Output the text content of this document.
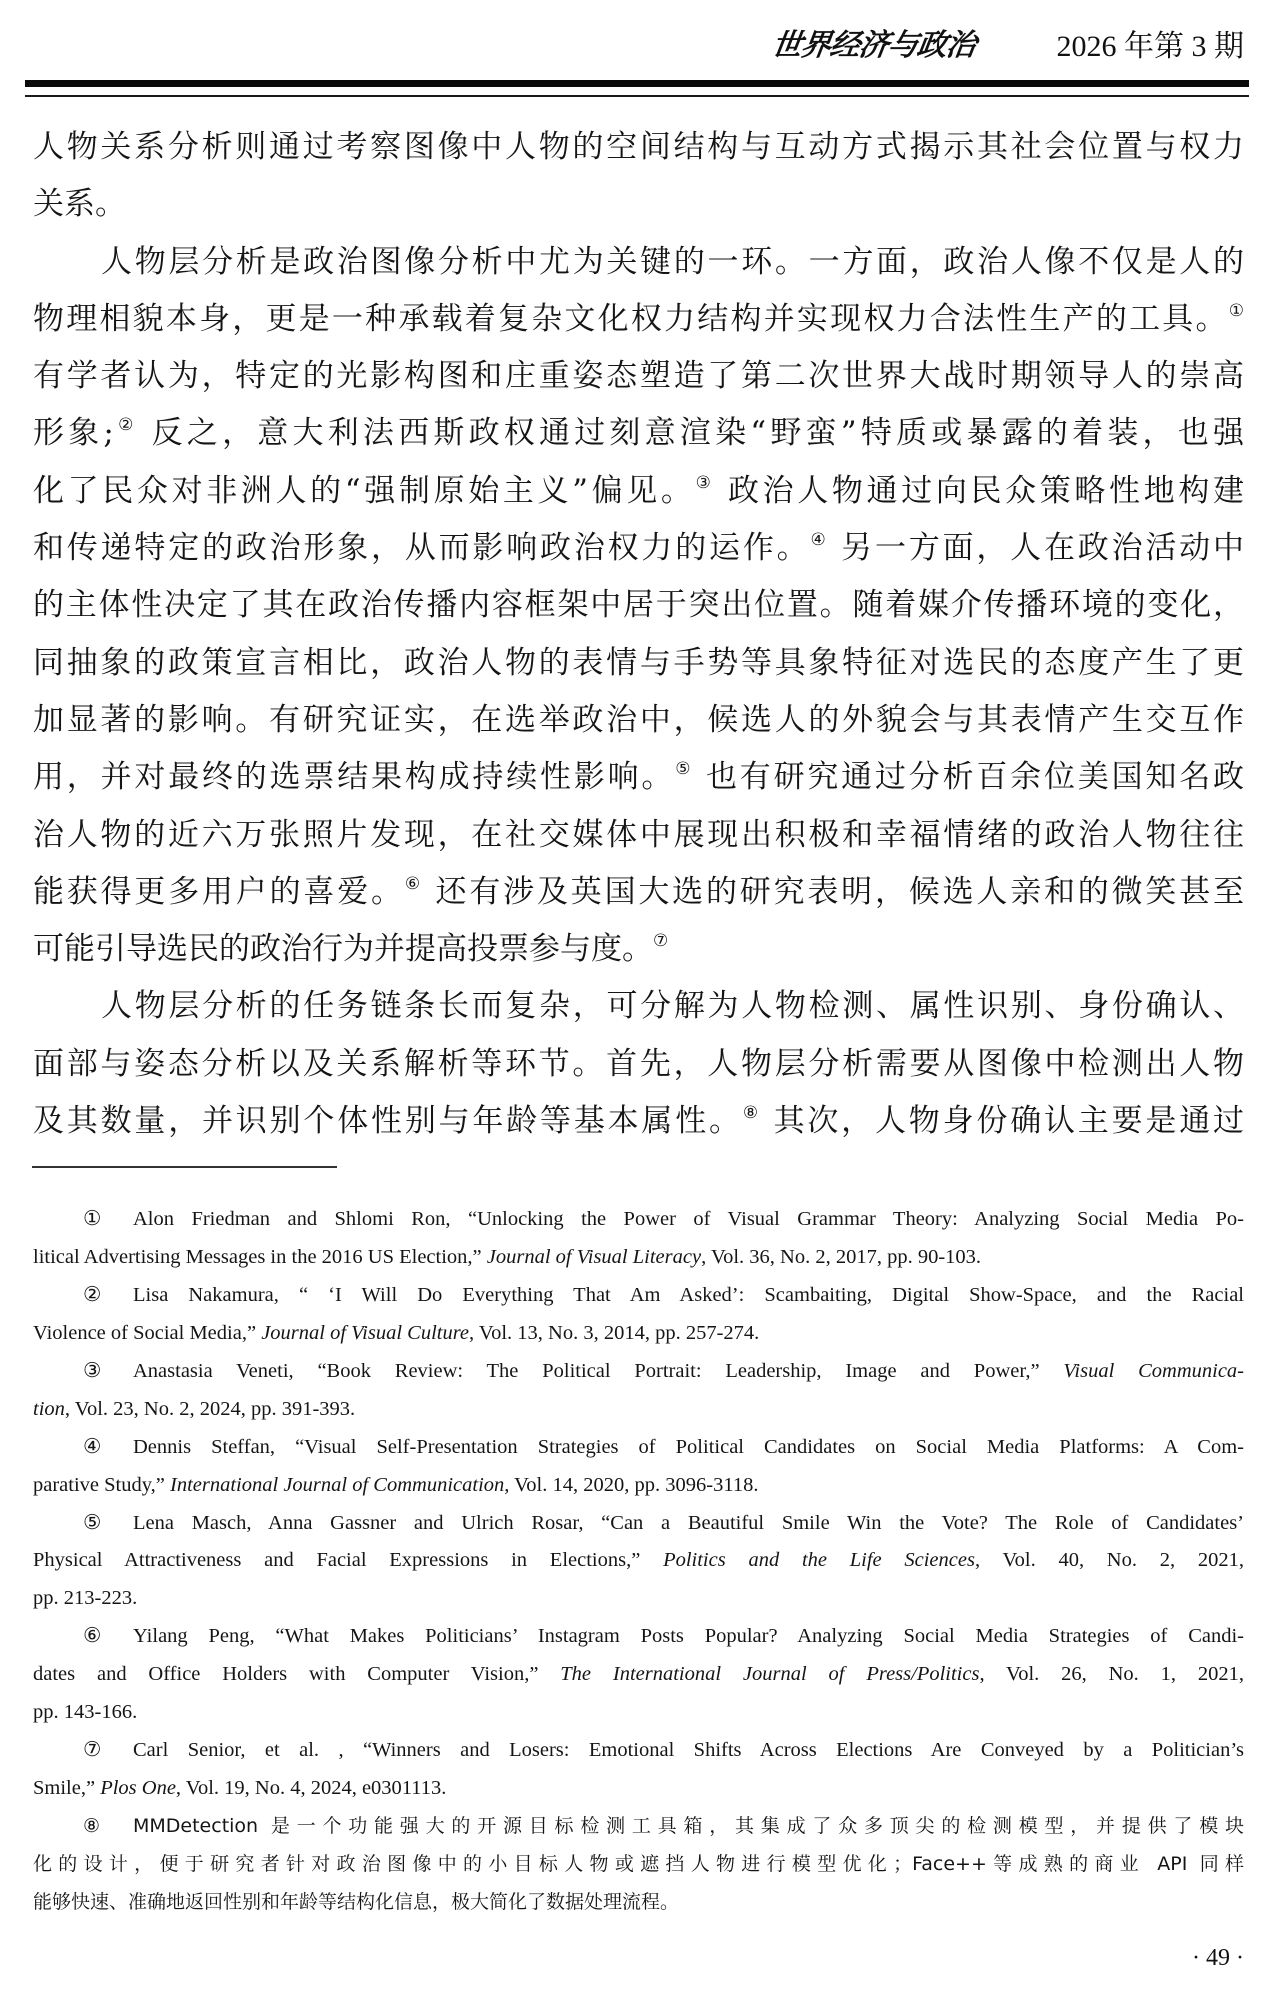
世界经济与政治	2026 年第 3 期
人物关系分析则通过考察图像中人物的空间结构与互动方式揭示其社会位置与权力
关系。
人物层分析是政治图像分析中尤为关键的一环。一方面，政治人像不仅是人的
物理相貌本身，更是一种承载着复杂文化权力结构并实现权力合法性生产的工具。①
有学者认为，特定的光影构图和庄重姿态塑造了第二次世界大战时期领导人的崇高
形象;② 反之，意大利法西斯政权通过刻意渲染“野蛮”特质或暴露的着装，也强
化了民众对非洲人的“强制原始主义”偏见。③ 政治人物通过向民众策略性地构建
和传递特定的政治形象，从而影响政治权力的运作。④ 另一方面，人在政治活动中
的主体性决定了其在政治传播内容框架中居于突出位置。随着媒介传播环境的变化，
同抽象的政策宣言相比，政治人物的表情与手势等具象特征对选民的态度产生了更
加显著的影响。有研究证实，在选举政治中，候选人的外貌会与其表情产生交互作
用，并对最终的选票结果构成持续性影响。⑤ 也有研究通过分析百余位美国知名政
治人物的近六万张照片发现，在社交媒体中展现出积极和幸福情绪的政治人物往往
能获得更多用户的喜爱。⑥ 还有涉及英国大选的研究表明，候选人亲和的微笑甚至
可能引导选民的政治行为并提高投票参与度。⑦
人物层分析的任务链条长而复杂，可分解为人物检测、属性识别、身份确认、
面部与姿态分析以及关系解析等环节。首先，人物层分析需要从图像中检测出人物
及其数量，并识别个体性别与年龄等基本属性。⑧ 其次，人物身份确认主要是通过
① Alon Friedman and Shlomi Ron, “Unlocking the Power of Visual Grammar Theory: Analyzing Social Media Po-
litical Advertising Messages in the 2016 US Election,” Journal of Visual Literacy, Vol. 36, No. 2, 2017, pp. 90-103.
② Lisa Nakamura, “ ‘I Will Do Everything That Am Asked’: Scambaiting, Digital Show-Space, and the Racial
Violence of Social Media,” Journal of Visual Culture, Vol. 13, No. 3, 2014, pp. 257-274.
③ Anastasia Veneti, “Book Review: The Political Portrait: Leadership, Image and Power,” Visual Communica-
tion, Vol. 23, No. 2, 2024, pp. 391-393.
④ Dennis Steffan, “Visual Self-Presentation Strategies of Political Candidates on Social Media Platforms: A Com-
parative Study,” International Journal of Communication, Vol. 14, 2020, pp. 3096-3118.
⑤ Lena Masch, Anna Gassner and Ulrich Rosar, “Can a Beautiful Smile Win the Vote? The Role of Candidates’
Physical Attractiveness and Facial Expressions in Elections,” Politics and the Life Sciences, Vol. 40, No. 2, 2021,
pp. 213-223.
⑥ Yilang Peng, “What Makes Politicians’ Instagram Posts Popular? Analyzing Social Media Strategies of Candi-
dates and Office Holders with Computer Vision,” The International Journal of Press/Politics, Vol. 26, No. 1, 2021,
pp. 143-166.
⑦ Carl Senior, et al. , “Winners and Losers: Emotional Shifts Across Elections Are Conveyed by a Politician’s
Smile,” Plos One, Vol. 19, No. 4, 2024, e0301113.
⑧ MMDetection 是一个功能强大的开源目标检测工具箱，其集成了众多顶尖的检测模型，并提供了模块
化的设计，便于研究者针对政治图像中的小目标人物或遮挡人物进行模型优化；Face++等成熟的商业 API 同样
能够快速、准确地返回性别和年龄等结构化信息，极大简化了数据处理流程。
· 49 ·
